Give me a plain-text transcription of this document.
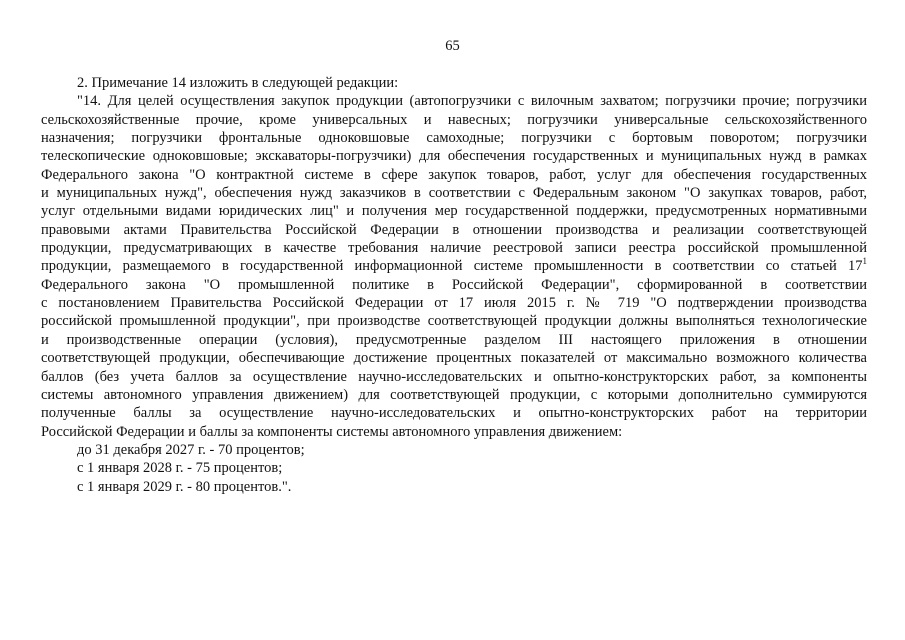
65
2. Примечание 14 изложить в следующей редакции:
"14. Для целей осуществления закупок продукции (автопогрузчики с вилочным захватом; погрузчики прочие; погрузчики
сельскохозяйственные прочие, кроме универсальных и навесных; погрузчики универсальные сельскохозяйственного
назначения; погрузчики фронтальные одноковшовые самоходные; погрузчики с бортовым поворотом; погрузчики
телескопические одноковшовые; экскаваторы-погрузчики) для обеспечения государственных и муниципальных нужд в рамках
Федерального закона "О контрактной системе в сфере закупок товаров, работ, услуг для обеспечения государственных
и муниципальных нужд", обеспечения нужд заказчиков в соответствии с Федеральным законом "О закупках товаров, работ,
услуг отдельными видами юридических лиц" и получения мер государственной поддержки, предусмотренных нормативными
правовыми актами Правительства Российской Федерации в отношении производства и реализации соответствующей
продукции, предусматривающих в качестве требования наличие реестровой записи реестра российской промышленной
продукции, размещаемого в государственной информационной системе промышленности в соответствии со статьей $17^1$
Федерального закона "О промышленной политике в Российской Федерации", сформированной в соответствии
с постановлением Правительства Российской Федерации от 17 июля 2015 г. № 719 "О подтверждении производства
российской промышленной продукции", при производстве соответствующей продукции должны выполняться технологические
и производственные операции (условия), предусмотренные разделом III настоящего приложения в отношении
соответствующей продукции, обеспечивающие достижение процентных показателей от максимально возможного количества
баллов (без учета баллов за осуществление научно-исследовательских и опытно-конструкторских работ, за компоненты
системы автономного управления движением) для соответствующей продукции, с которыми дополнительно суммируются
полученные баллы за осуществление научно-исследовательских и опытно-конструкторских работ на территории
Российской Федерации и баллы за компоненты системы автономного управления движением:
до 31 декабря 2027 г. - 70 процентов;
с 1 января 2028 г. - 75 процентов;
с 1 января 2029 г. - 80 процентов.".
